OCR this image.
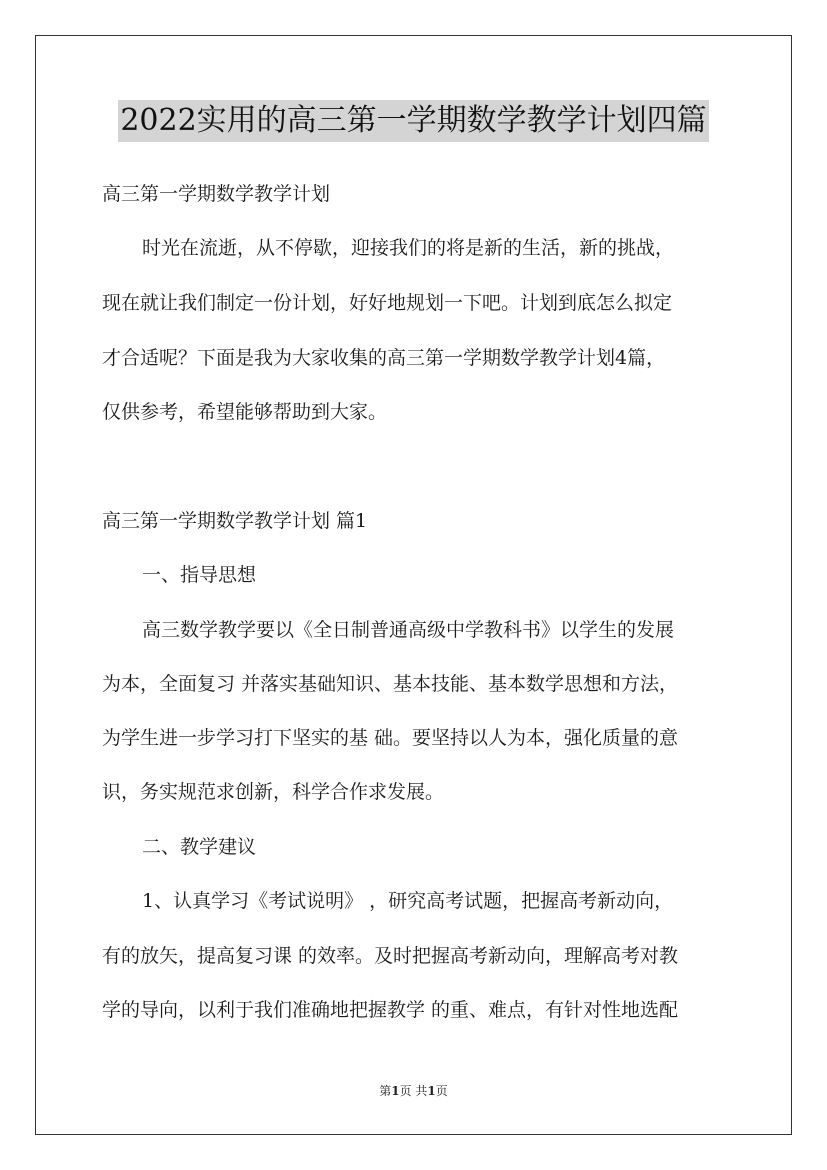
2022实用的高三第一学期数学教学计划四篇
高三第一学期数学教学计划
时光在流逝，从不停歇，迎接我们的将是新的生活，新的挑战，
现在就让我们制定一份计划，好好地规划一下吧。计划到底怎么拟定
才合适呢？下面是我为大家收集的高三第一学期数学教学计划4篇，
仅供参考，希望能够帮助到大家。
高三第一学期数学教学计划 篇1
一、指导思想
高三数学教学要以《全日制普通高级中学教科书》以学生的发展
为本，全面复习 并落实基础知识、基本技能、基本数学思想和方法，
为学生进一步学习打下坚实的基 础。要坚持以人为本，强化质量的意
识，务实规范求创新，科学合作求发展。
二、教学建议
1、认真学习《考试说明》 ，研究高考试题，把握高考新动向，
有的放矢，提高复习课 的效率。及时把握高考新动向，理解高考对教
学的导向，以利于我们准确地把握教学 的重、难点，有针对性地选配
第1页 共1页
